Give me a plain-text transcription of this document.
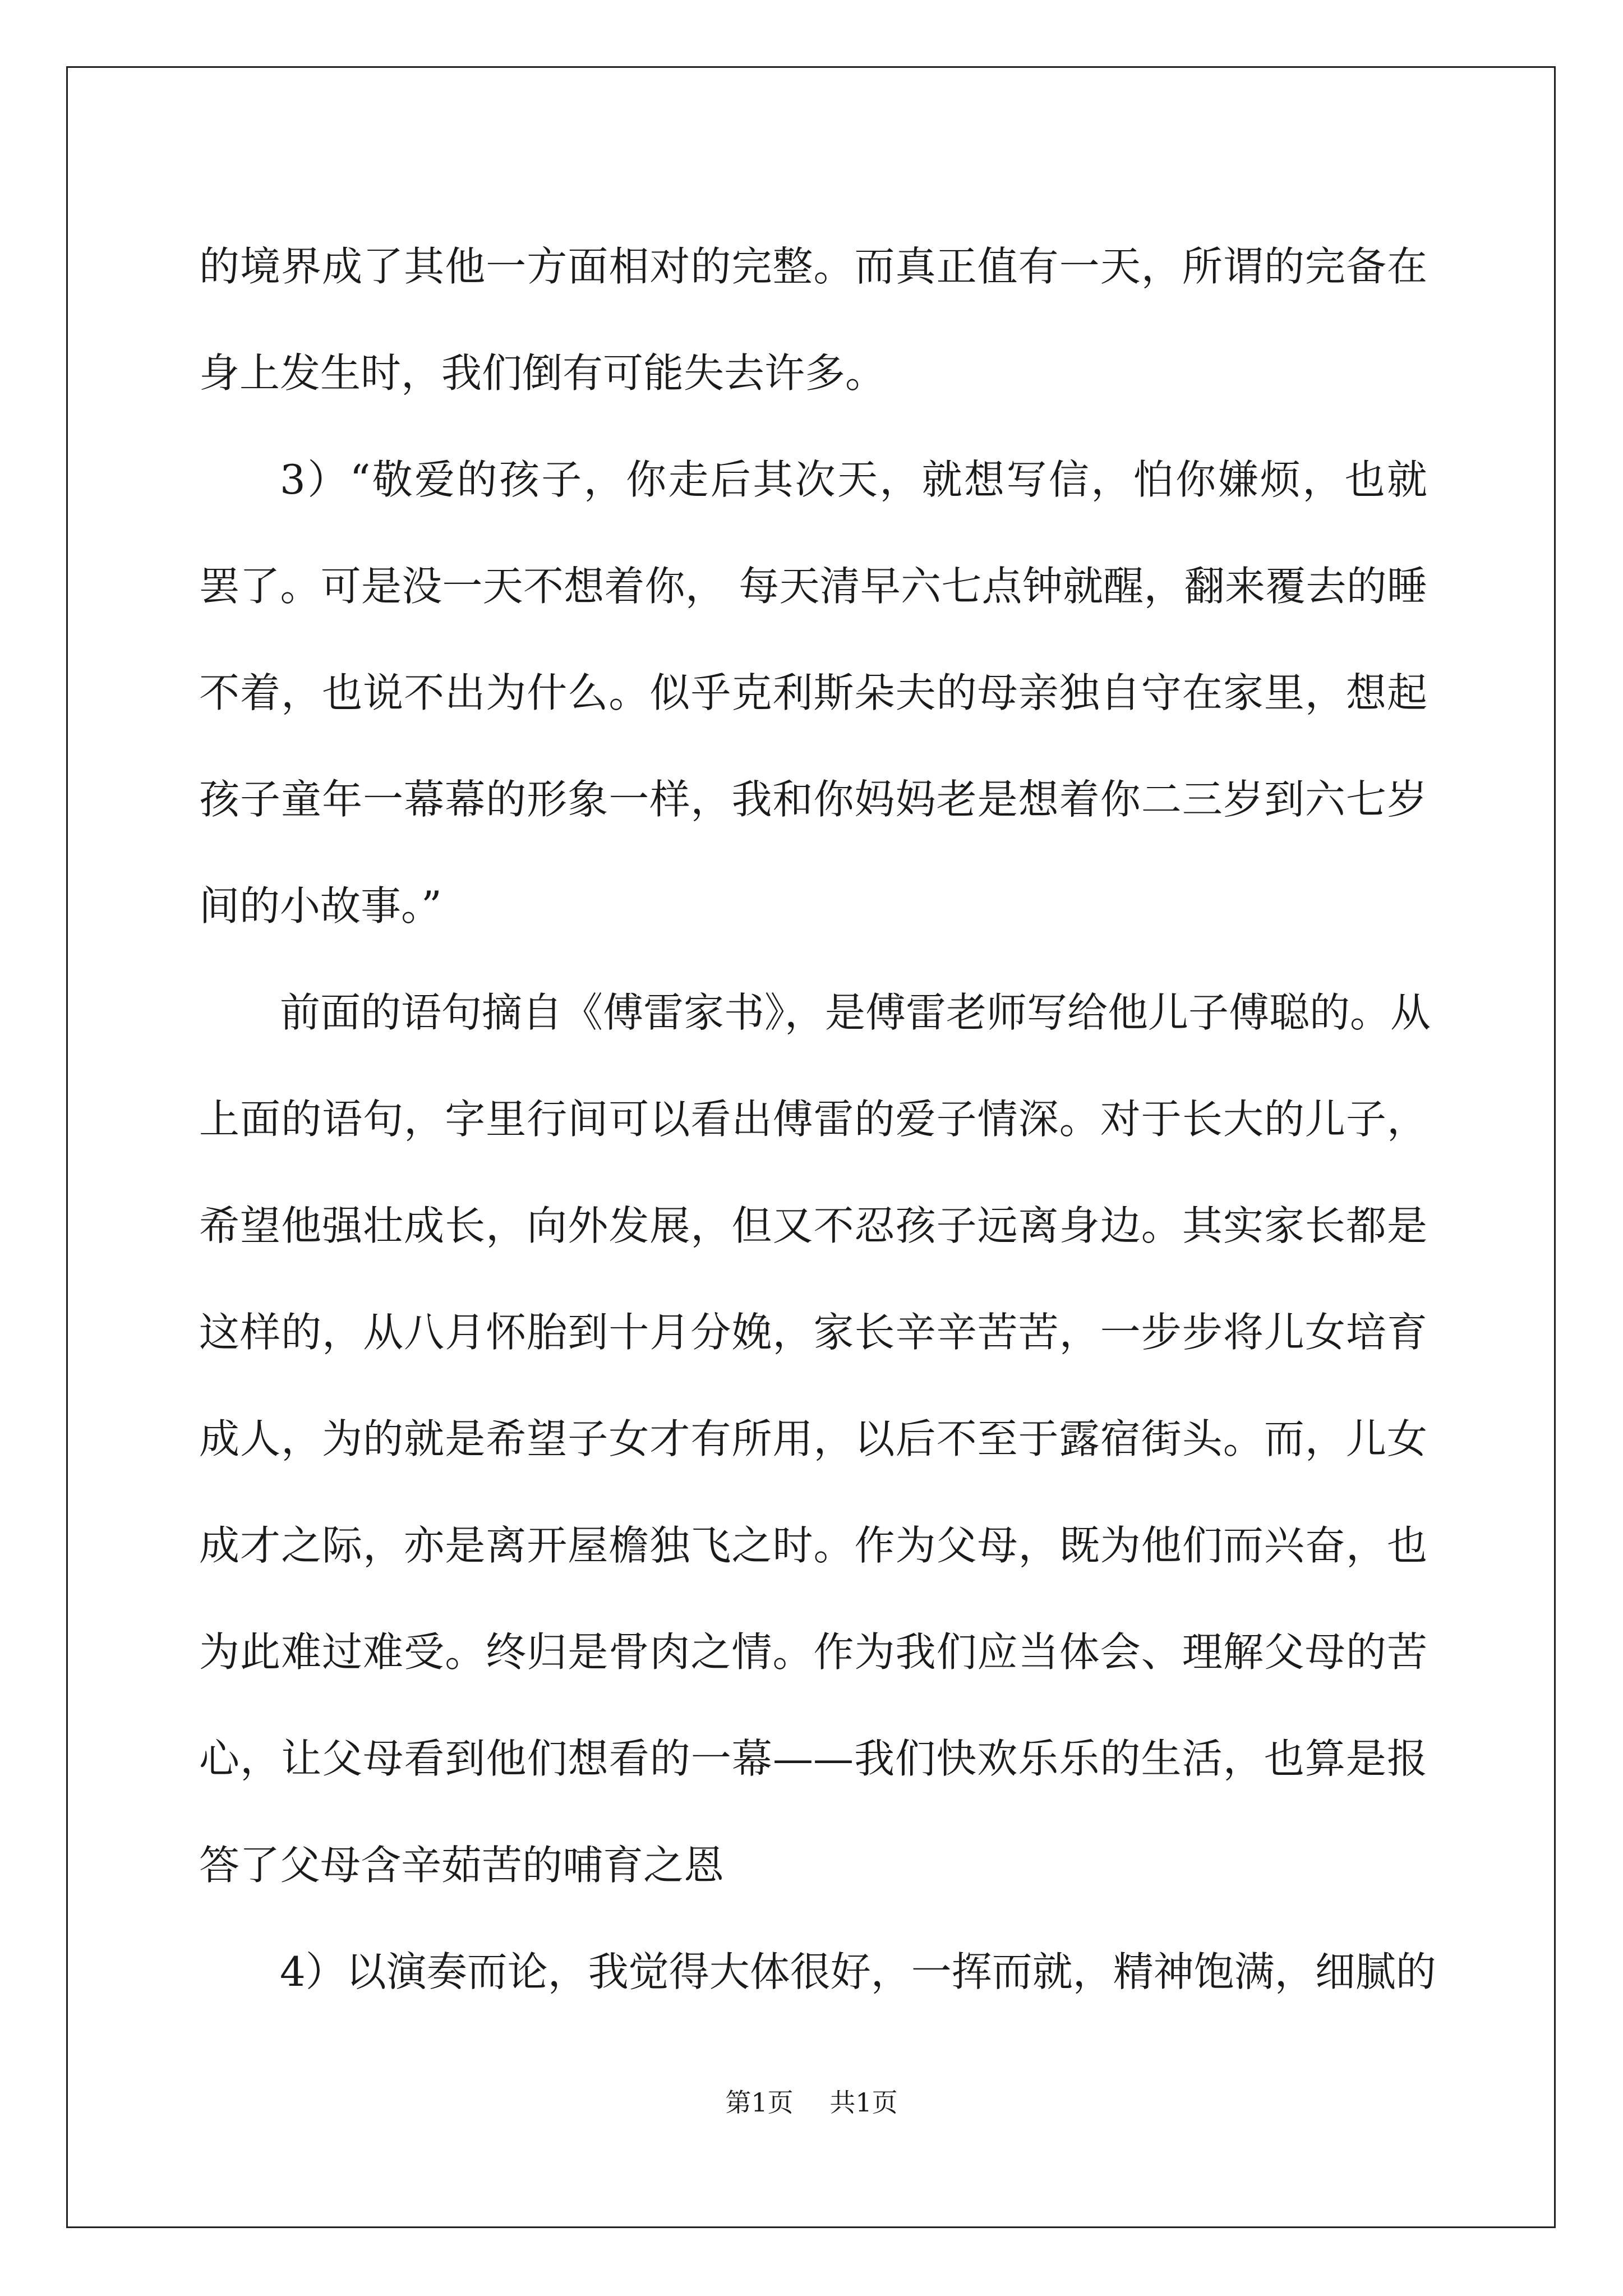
的境界成了其他一方面相对的完整。而真正值有一天，所谓的完备在
身上发生时，我们倒有可能失去许多。
3）“敬爱的孩子，你走后其次天，就想写信，怕你嫌烦，也就
罢了。可是没一天不想着你， 每天清早六七点钟就醒，翻来覆去的睡
不着，也说不出为什么。似乎克利斯朵夫的母亲独自守在家里，想起
孩子童年一幕幕的形象一样，我和你妈妈老是想着你二三岁到六七岁
间的小故事。”
前面的语句摘自《傅雷家书》，是傅雷老师写给他儿子傅聪的。从
上面的语句，字里行间可以看出傅雷的爱子情深。对于长大的儿子，
希望他强壮成长，向外发展，但又不忍孩子远离身边。其实家长都是
这样的，从八月怀胎到十月分娩，家长辛辛苦苦，一步步将儿女培育
成人，为的就是希望子女才有所用，以后不至于露宿街头。而，儿女
成才之际，亦是离开屋檐独飞之时。作为父母，既为他们而兴奋，也
为此难过难受。终归是骨肉之情。作为我们应当体会、理解父母的苦
心，让父母看到他们想看的一幕——我们快欢乐乐的生活，也算是报
答了父母含辛茹苦的哺育之恩
4）以演奏而论，我觉得大体很好，一挥而就，精神饱满，细腻的
第1页 共1页
